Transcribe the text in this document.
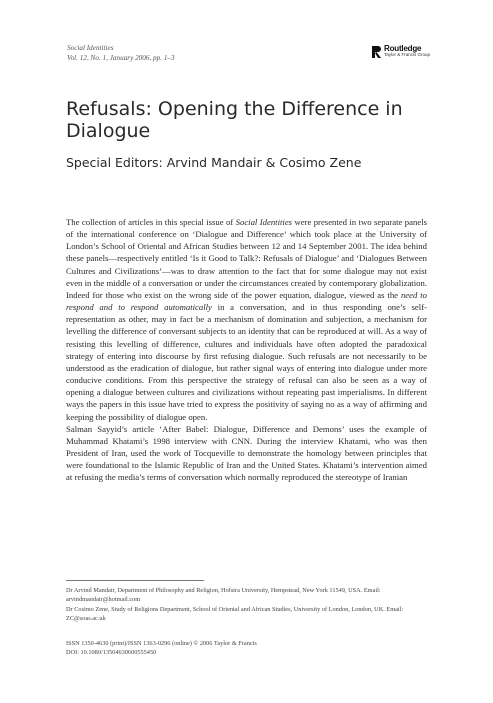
Social Identities
Vol. 12, No. 1, January 2006, pp. 1–3
Routledge
Taylor & Francis Group
Refusals: Opening the Difference in Dialogue
Special Editors: Arvind Mandair & Cosimo Zene

The collection of articles in this special issue of Social Identities were presented in two separate panels of the international conference on ‘Dialogue and Difference’ which took place at the University of London’s School of Oriental and African Studies between 12 and 14 September 2001. The idea behind these panels—respectively entitled ‘Is it Good to Talk?: Refusals of Dialogue’ and ‘Dialogues Between Cultures and Civilizations’—was to draw attention to the fact that for some dialogue may not exist even in the middle of a conversation or under the circumstances created by contemporary globalization. Indeed for those who exist on the wrong side of the power equation, dialogue, viewed as the need to respond and to respond automatically in a conversation, and in thus responding one’s self-representation as other, may in fact be a mechanism of domination and subjection, a mechanism for levelling the difference of conversant subjects to an identity that can be reproduced at will. As a way of resisting this levelling of difference, cultures and individuals have often adopted the paradoxical strategy of entering into discourse by first refusing dialogue. Such refusals are not necessarily to be understood as the eradication of dialogue, but rather signal ways of entering into dialogue under more conducive conditions. From this perspective the strategy of refusal can also be seen as a way of opening a dialogue between cultures and civilizations without repeating past imperialisms. In different ways the papers in this issue have tried to express the positivity of saying no as a way of affirming and keeping the possibility of dialogue open.

Salman Sayyid’s article ‘After Babel: Dialogue, Difference and Demons’ uses the example of Muhammad Khatami’s 1998 interview with CNN. During the interview Khatami, who was then President of Iran, used the work of Tocqueville to demonstrate the homology between principles that were foundational to the Islamic Republic of Iran and the United States. Khatami’s intervention aimed at refusing the media’s terms of conversation which normally reproduced the stereotype of Iranian

Dr Arvind Mandair, Department of Philosophy and Religion, Hofstra University, Hempstead, New York 11549, USA. Email: arvindmandair@hotmail.com

Dr Cosimo Zene, Study of Religions Department, School of Oriental and African Studies, University of London, London, UK. Email: ZC@soas.ac.uk

ISSN 1350-4630 (print)/ISSN 1363-0296 (online) © 2006 Taylor & Francis
DOI: 10.1080/13504630600555450
